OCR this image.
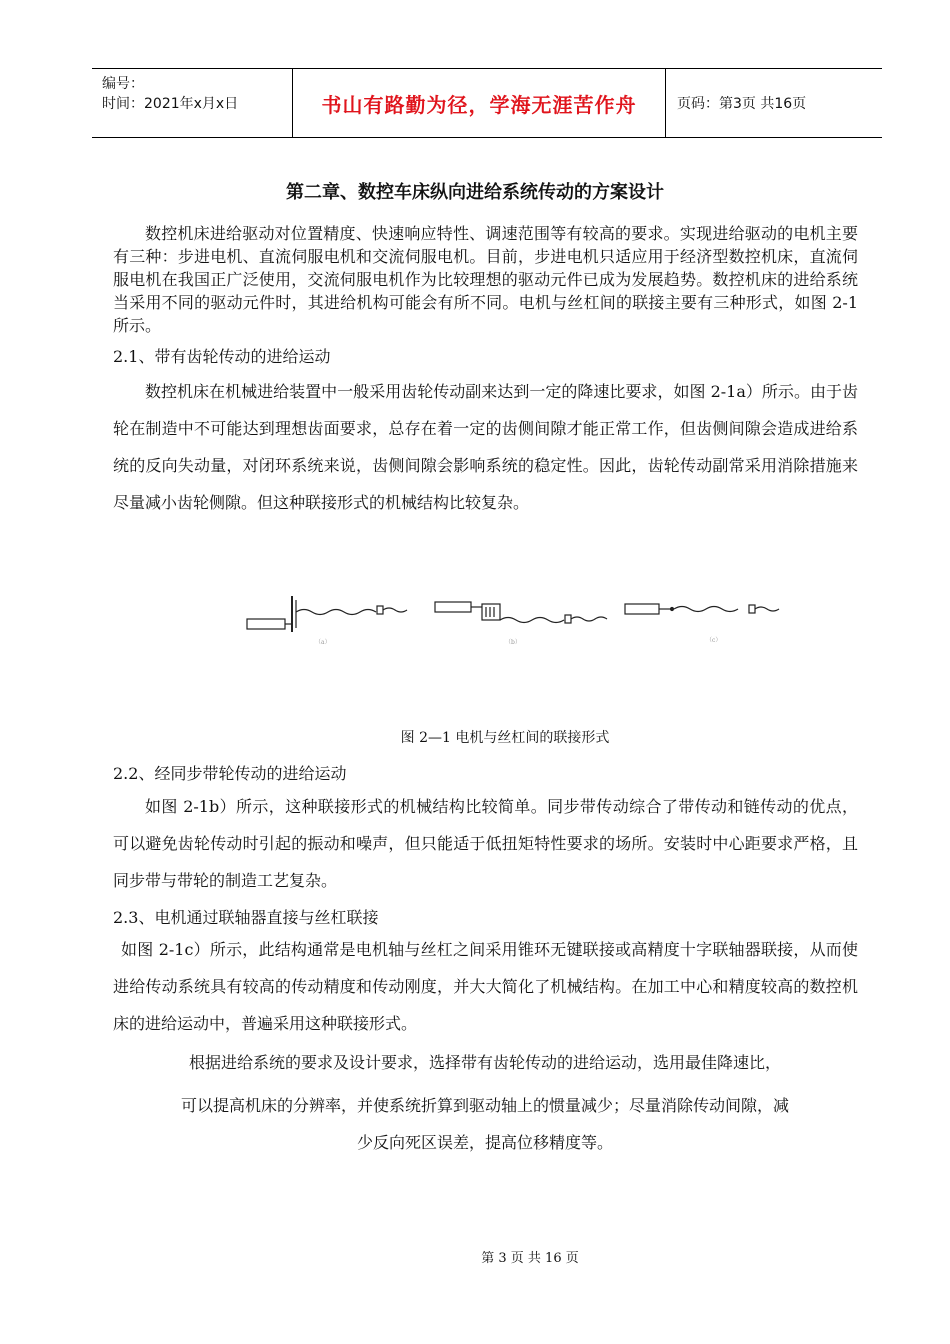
编号：
时间：2021年x月x日	书山有路勤为径，学海无涯苦作舟	页码：第3页 共16页
第二章、数控车床纵向进给系统传动的方案设计
数控机床进给驱动对位置精度、快速响应特性、调速范围等有较高的要求。实现进给驱动的电机主要有三种：步进电机、直流伺服电机和交流伺服电机。目前，步进电机只适应用于经济型数控机床，直流伺服电机在我国正广泛使用，交流伺服电机作为比较理想的驱动元件已成为发展趋势。数控机床的进给系统当采用不同的驱动元件时，其进给机构可能会有所不同。电机与丝杠间的联接主要有三种形式，如图 2-1 所示。
2.1、带有齿轮传动的进给运动
数控机床在机械进给装置中一般采用齿轮传动副来达到一定的降速比要求，如图 2-1a）所示。由于齿轮在制造中不可能达到理想齿面要求，总存在着一定的齿侧间隙才能正常工作，但齿侧间隙会造成进给系统的反向失动量，对闭环系统来说，齿侧间隙会影响系统的稳定性。因此，齿轮传动副常采用消除措施来尽量减小齿轮侧隙。但这种联接形式的机械结构比较复杂。
（a）	（b）	（c）
图 2—1 电机与丝杠间的联接形式
2.2、经同步带轮传动的进给运动
如图 2-1b）所示，这种联接形式的机械结构比较简单。同步带传动综合了带传动和链传动的优点，可以避免齿轮传动时引起的振动和噪声，但只能适于低扭矩特性要求的场所。安装时中心距要求严格，且同步带与带轮的制造工艺复杂。
2.3、电机通过联轴器直接与丝杠联接
如图 2-1c）所示，此结构通常是电机轴与丝杠之间采用锥环无键联接或高精度十字联轴器联接，从而使进给传动系统具有较高的传动精度和传动刚度，并大大简化了机械结构。在加工中心和精度较高的数控机床的进给运动中，普遍采用这种联接形式。
根据进给系统的要求及设计要求，选择带有齿轮传动的进给运动，选用最佳降速比，
可以提高机床的分辨率，并使系统折算到驱动轴上的惯量减少；尽量消除传动间隙，减
少反向死区误差，提高位移精度等。
第 3 页 共 16 页
